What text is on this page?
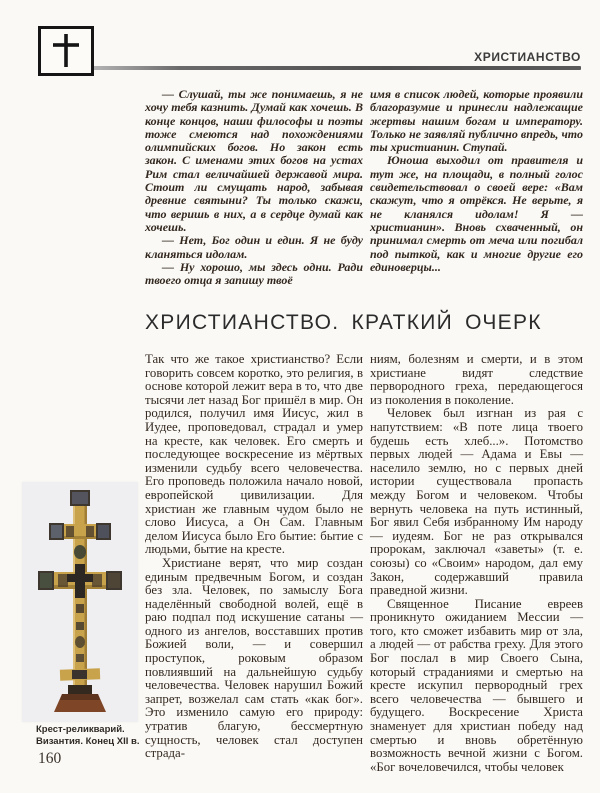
ХРИСТИАНСТВО

— Слушай, ты же понимаешь, я не хочу тебя казнить. Думай как хочешь. В конце концов, наши философы и поэты тоже смеются над похождениями олимпийских богов. Но закон есть закон. С именами этих богов на устах Рим стал величайшей державой мира. Стоит ли смущать народ, забывая древние святыни? Ты только скажи, что веришь в них, а в сердце думай как хочешь.

— Нет, Бог один и един. Я не буду кланяться идолам.

— Ну хорошо, мы здесь одни. Ради твоего отца я запишу твоё

имя в список людей, которые проявили благоразумие и принесли надлежащие жертвы нашим богам и императору. Только не заявляй публично впредь, что ты христианин. Ступай.

Юноша выходил от правителя и тут же, на площади, в полный голос свидетельствовал о своей вере: «Вам скажут, что я отрёкся. Не верьте, я не кланялся идолам! Я — христианин». Вновь схваченный, он принимал смерть от меча или погибал под пыткой, как и многие другие его единоверцы...

ХРИСТИАНСТВО. КРАТКИЙ ОЧЕРК

Так что же такое христианство? Если говорить совсем коротко, это религия, в основе которой лежит вера в то, что две тысячи лет назад Бог пришёл в мир. Он родился, получил имя Иисус, жил в Иудее, проповедовал, страдал и умер на кресте, как человек. Его смерть и последующее воскресение из мёртвых изменили судьбу всего человечества. Его проповедь положила начало новой, европейской цивилизации. Для христиан же главным чудом было не слово Иисуса, а Он Сам. Главным делом Иисуса было Его бытие: бытие с людьми, бытие на кресте.

Христиане верят, что мир создан единым предвечным Богом, и создан без зла. Человек, по замыслу Бога наделённый свободной волей, ещё в раю подпал под искушение сатаны — одного из ангелов, восставших против Божией воли, — и совершил проступок, роковым образом повлиявший на дальнейшую судьбу человечества. Человек нарушил Божий запрет, возжелал сам стать «как бог». Это изменило самую его природу: утратив благую, бессмертную сущность, человек стал доступен страда-

ниям, болезням и смерти, и в этом христиане видят следствие первородного греха, передающегося из поколения в поколение.

Человек был изгнан из рая с напутствием: «В поте лица твоего будешь есть хлеб...». Потомство первых людей — Адама и Евы — населило землю, но с первых дней истории существовала пропасть между Богом и человеком. Чтобы вернуть человека на путь истинный, Бог явил Себя избранному Им народу — иудеям. Бог не раз открывался пророкам, заключал «заветы» (т. е. союзы) со «Своим» народом, дал ему Закон, содержавший правила праведной жизни.

Священное Писание евреев проникнуто ожиданием Мессии — того, кто сможет избавить мир от зла, а людей — от рабства греху. Для этого Бог послал в мир Своего Сына, который страданиями и смертью на кресте искупил первородный грех всего человечества — бывшего и будущего. Воскресение Христа знаменует для христиан победу над смертью и вновь обретённую возможность вечной жизни с Богом. «Бог вочеловечился, чтобы человек

Крест-реликварий.
Византия. Конец XII в.
160
